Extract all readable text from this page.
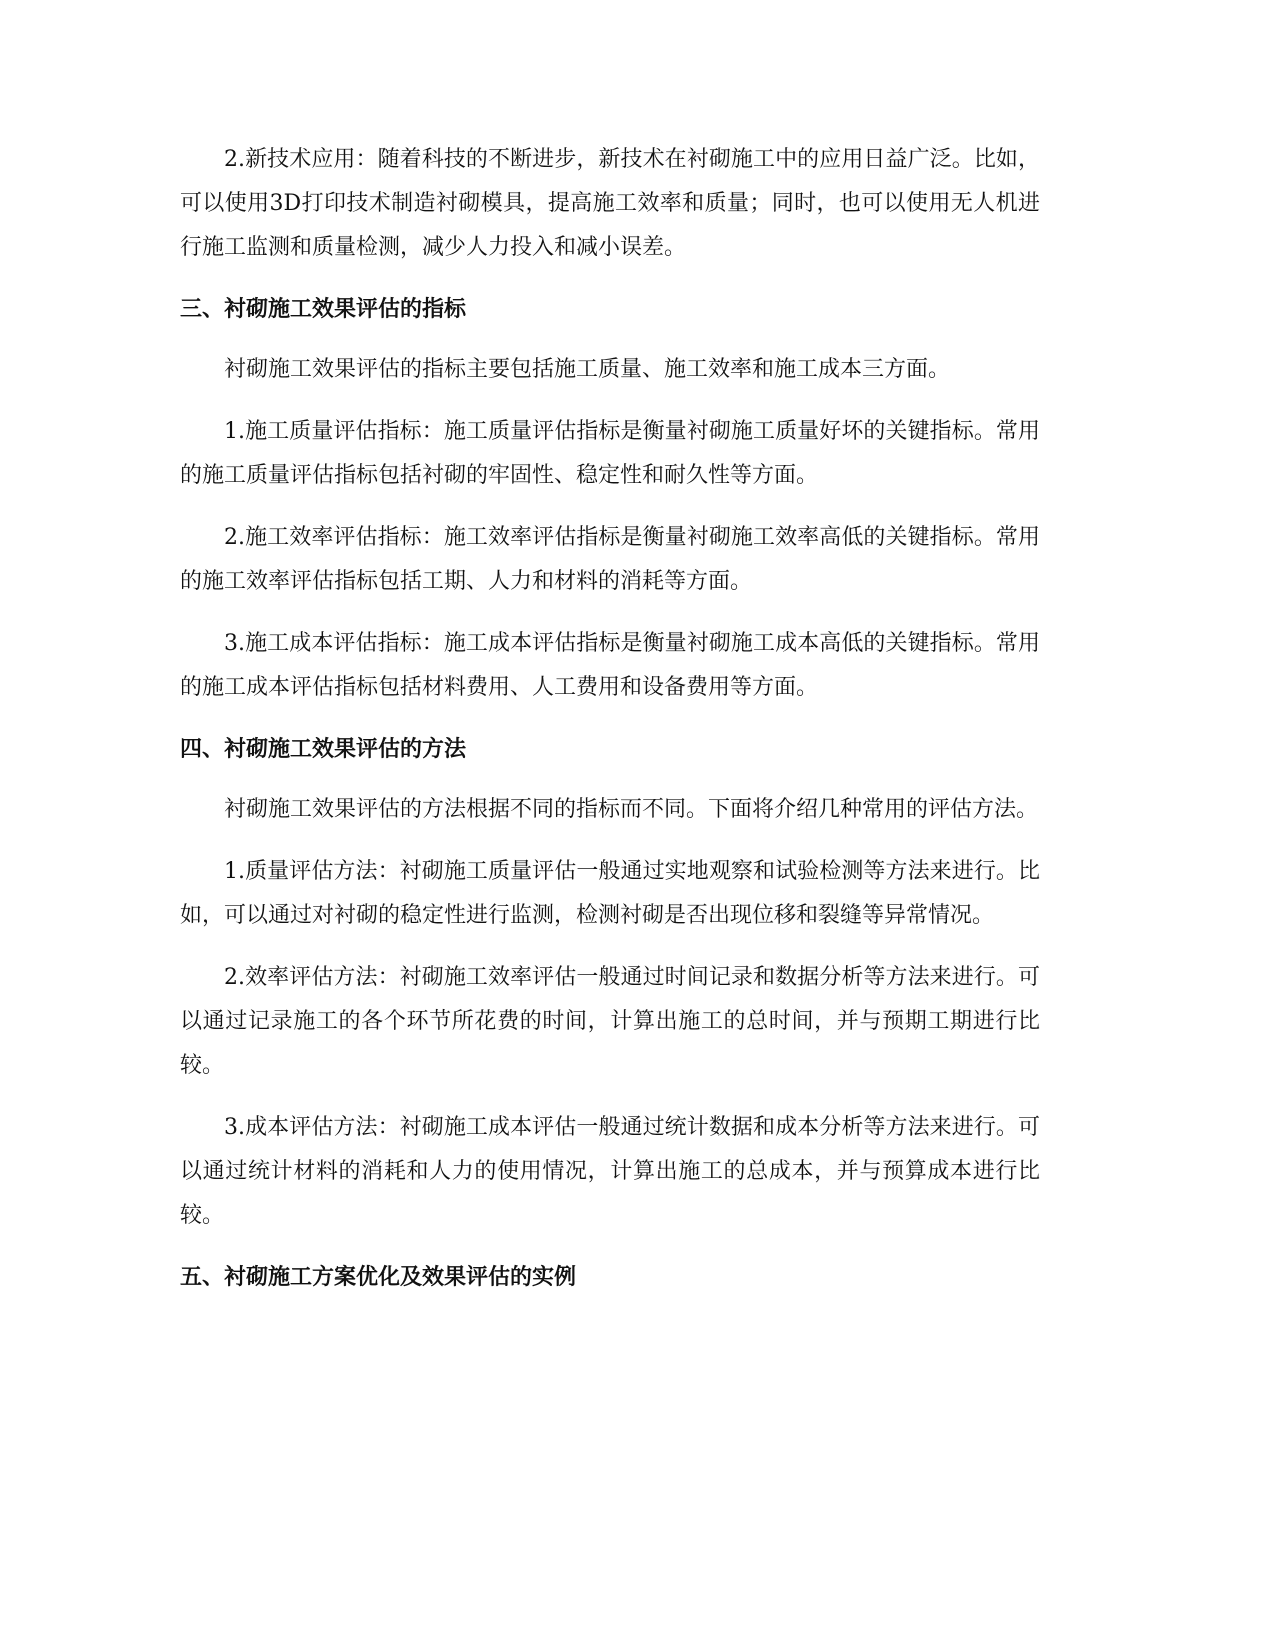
2.新技术应用：随着科技的不断进步，新技术在衬砌施工中的应用日益广泛。比如，可以使用3D打印技术制造衬砌模具，提高施工效率和质量；同时，也可以使用无人机进行施工监测和质量检测，减少人力投入和减小误差。

三、衬砌施工效果评估的指标

衬砌施工效果评估的指标主要包括施工质量、施工效率和施工成本三方面。

1.施工质量评估指标：施工质量评估指标是衡量衬砌施工质量好坏的关键指标。常用的施工质量评估指标包括衬砌的牢固性、稳定性和耐久性等方面。

2.施工效率评估指标：施工效率评估指标是衡量衬砌施工效率高低的关键指标。常用的施工效率评估指标包括工期、人力和材料的消耗等方面。

3.施工成本评估指标：施工成本评估指标是衡量衬砌施工成本高低的关键指标。常用的施工成本评估指标包括材料费用、人工费用和设备费用等方面。

四、衬砌施工效果评估的方法

衬砌施工效果评估的方法根据不同的指标而不同。下面将介绍几种常用的评估方法。

1.质量评估方法：衬砌施工质量评估一般通过实地观察和试验检测等方法来进行。比如，可以通过对衬砌的稳定性进行监测，检测衬砌是否出现位移和裂缝等异常情况。

2.效率评估方法：衬砌施工效率评估一般通过时间记录和数据分析等方法来进行。可以通过记录施工的各个环节所花费的时间，计算出施工的总时间，并与预期工期进行比较。

3.成本评估方法：衬砌施工成本评估一般通过统计数据和成本分析等方法来进行。可以通过统计材料的消耗和人力的使用情况，计算出施工的总成本，并与预算成本进行比较。

五、衬砌施工方案优化及效果评估的实例
